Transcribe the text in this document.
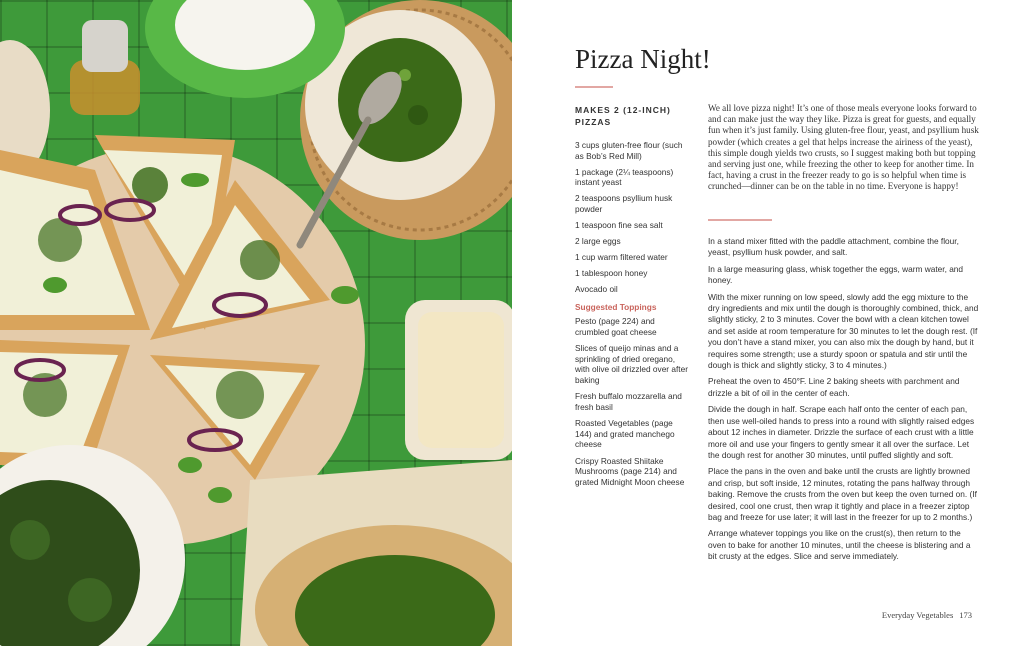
Pizza Night!
MAKES 2 (12-INCH) PIZZAS
3 cups gluten-free flour (such as Bob’s Red Mill)
1 package (2¼ teaspoons) instant yeast
2 teaspoons psyllium husk powder
1 teaspoon fine sea salt
2 large eggs
1 cup warm filtered water
1 tablespoon honey
Avocado oil
Suggested Toppings
Pesto (page 224) and crumbled goat cheese
Slices of queijo minas and a sprinkling of dried oregano, with olive oil drizzled over after baking
Fresh buffalo mozzarella and fresh basil
Roasted Vegetables (page 144) and grated manchego cheese
Crispy Roasted Shiitake Mushrooms (page 214) and grated Midnight Moon cheese

We all love pizza night! It’s one of those meals everyone looks forward to and can make just the way they like. Pizza is great for guests, and equally fun when it’s just family. Using gluten-free flour, yeast, and psyllium husk powder (which creates a gel that helps increase the airiness of the yeast), this simple dough yields two crusts, so I suggest making both but topping and serving just one, while freezing the other to keep for another time. In fact, having a crust in the freezer ready to go is so helpful when time is crunched—dinner can be on the table in no time. Everyone is happy!

In a stand mixer fitted with the paddle attachment, combine the flour, yeast, psyllium husk powder, and salt.

In a large measuring glass, whisk together the eggs, warm water, and honey.

With the mixer running on low speed, slowly add the egg mixture to the dry ingredients and mix until the dough is thoroughly combined, thick, and slightly sticky, 2 to 3 minutes. Cover the bowl with a clean kitchen towel and set aside at room temperature for 30 minutes to let the dough rest. (If you don’t have a stand mixer, you can also mix the dough by hand, but it requires some strength; use a sturdy spoon or spatula and stir until the dough is thick and slightly sticky, 3 to 4 minutes.)

Preheat the oven to 450°F. Line 2 baking sheets with parchment and drizzle a bit of oil in the center of each.

Divide the dough in half. Scrape each half onto the center of each pan, then use well-oiled hands to press into a round with slightly raised edges about 12 inches in diameter. Drizzle the surface of each crust with a little more oil and use your fingers to gently smear it all over the surface. Let the dough rest for another 30 minutes, until puffed slightly and soft.

Place the pans in the oven and bake until the crusts are lightly browned and crisp, but soft inside, 12 minutes, rotating the pans halfway through baking. Remove the crusts from the oven but keep the oven turned on. (If desired, cool one crust, then wrap it tightly and place in a freezer ziptop bag and freeze for use later; it will last in the freezer for up to 2 months.)

Arrange whatever toppings you like on the crust(s), then return to the oven to bake for another 10 minutes, until the cheese is blistering and a bit crusty at the edges. Slice and serve immediately.

Everyday Vegetables 173
